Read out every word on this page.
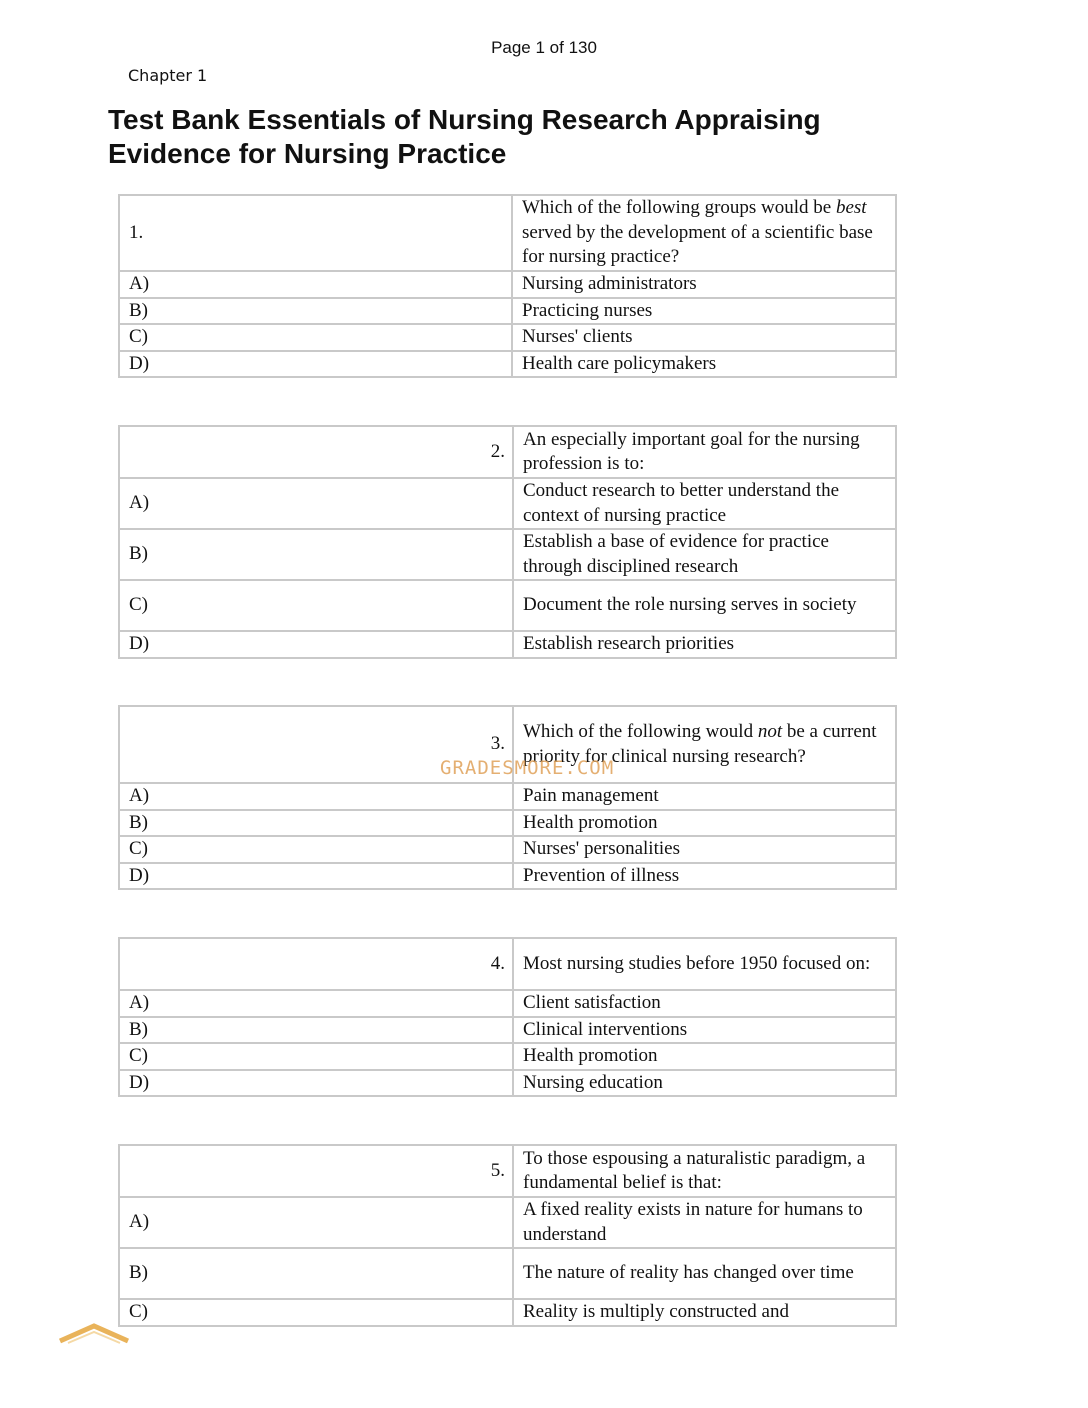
Page 1 of 130
Chapter 1
Test Bank Essentials of Nursing Research Appraising
Evidence for Nursing Practice
1.	Which of the following groups would be best served by the development of a scientific base for nursing practice?
A)	Nursing administrators
B)	Practicing nurses
C)	Nurses' clients
D)	Health care policymakers
2.	An especially important goal for the nursing profession is to:
A)	Conduct research to better understand the context of nursing practice
B)	Establish a base of evidence for practice through disciplined research
C)	Document the role nursing serves in society
D)	Establish research priorities
3.	Which of the following would not be a current priority for clinical nursing research?
A)	Pain management
B)	Health promotion
C)	Nurses' personalities
D)	Prevention of illness
4.	Most nursing studies before 1950 focused on:
A)	Client satisfaction
B)	Clinical interventions
C)	Health promotion
D)	Nursing education
5.	To those espousing a naturalistic paradigm, a fundamental belief is that:
A)	A fixed reality exists in nature for humans to understand
B)	The nature of reality has changed over time
C)	Reality is multiply constructed and
GRADESMORE.COM
